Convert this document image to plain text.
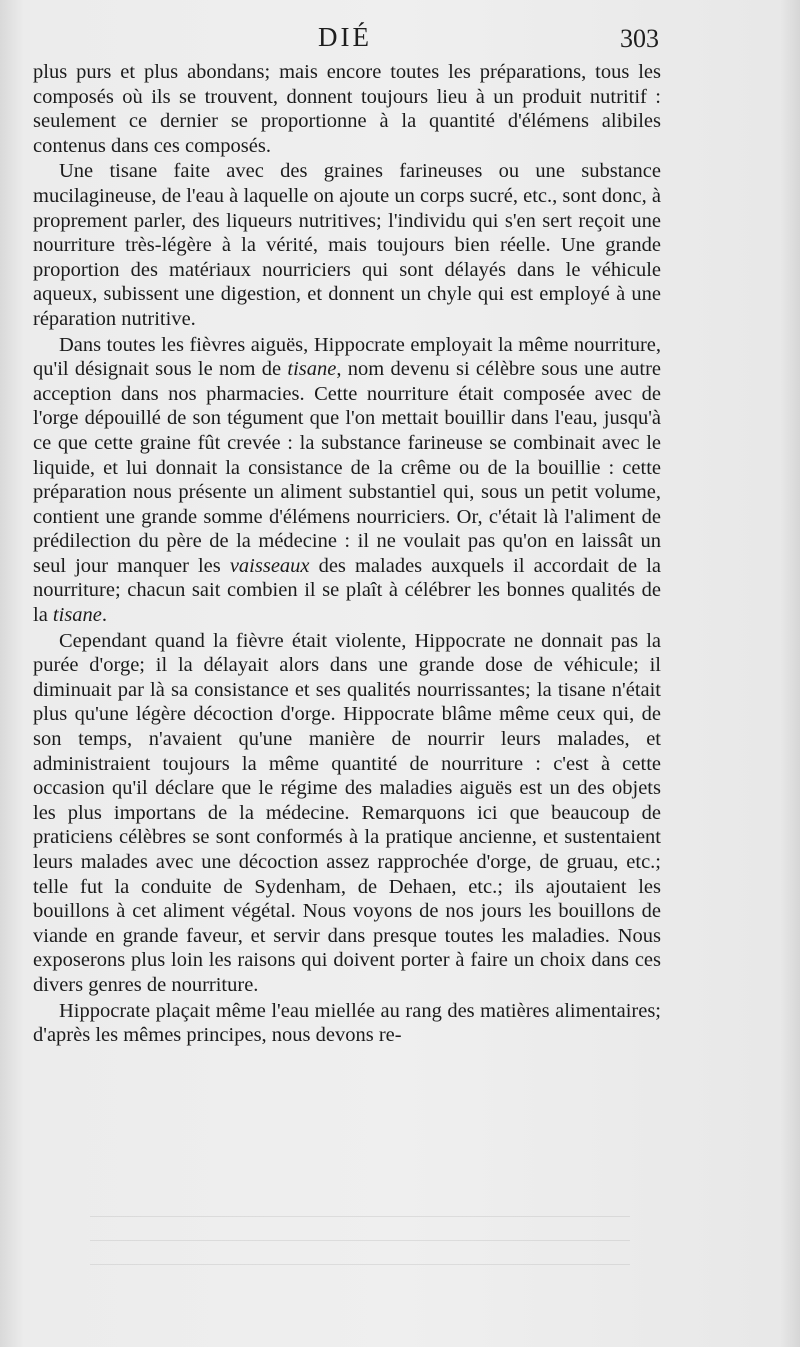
DIÉ	303

plus purs et plus abondans; mais encore toutes les préparations, tous les composés où ils se trouvent, donnent toujours lieu à un produit nutritif : seulement ce dernier se proportionne à la quantité d'élémens alibiles contenus dans ces composés.

Une tisane faite avec des graines farineuses ou une substance mucilagineuse, de l'eau à laquelle on ajoute un corps sucré, etc., sont donc, à proprement parler, des liqueurs nutritives; l'individu qui s'en sert reçoit une nourriture très-légère à la vérité, mais toujours bien réelle. Une grande proportion des matériaux nourriciers qui sont délayés dans le véhicule aqueux, subissent une digestion, et donnent un chyle qui est employé à une réparation nutritive.

Dans toutes les fièvres aiguës, Hippocrate employait la même nourriture, qu'il désignait sous le nom de tisane, nom devenu si célèbre sous une autre acception dans nos pharmacies. Cette nourriture était composée avec de l'orge dépouillé de son tégument que l'on mettait bouillir dans l'eau, jusqu'à ce que cette graine fût crevée : la substance farineuse se combinait avec le liquide, et lui donnait la consistance de la crême ou de la bouillie : cette préparation nous présente un aliment substantiel qui, sous un petit volume, contient une grande somme d'élémens nourriciers. Or, c'était là l'aliment de prédilection du père de la médecine : il ne voulait pas qu'on en laissât un seul jour manquer les vaisseaux des malades auxquels il accordait de la nourriture; chacun sait combien il se plaît à célébrer les bonnes qualités de la tisane.

Cependant quand la fièvre était violente, Hippocrate ne donnait pas la purée d'orge; il la délayait alors dans une grande dose de véhicule; il diminuait par là sa consistance et ses qualités nourrissantes; la tisane n'était plus qu'une légère décoction d'orge. Hippocrate blâme même ceux qui, de son temps, n'avaient qu'une manière de nourrir leurs malades, et administraient toujours la même quantité de nourriture : c'est à cette occasion qu'il déclare que le régime des maladies aiguës est un des objets les plus importans de la médecine. Remarquons ici que beaucoup de praticiens célèbres se sont conformés à la pratique ancienne, et sustentaient leurs malades avec une décoction assez rapprochée d'orge, de gruau, etc.; telle fut la conduite de Sydenham, de Dehaen, etc.; ils ajoutaient les bouillons à cet aliment végétal. Nous voyons de nos jours les bouillons de viande en grande faveur, et servir dans presque toutes les maladies. Nous exposerons plus loin les raisons qui doivent porter à faire un choix dans ces divers genres de nourriture.

Hippocrate plaçait même l'eau miellée au rang des matières alimentaires; d'après les mêmes principes, nous devons re-
